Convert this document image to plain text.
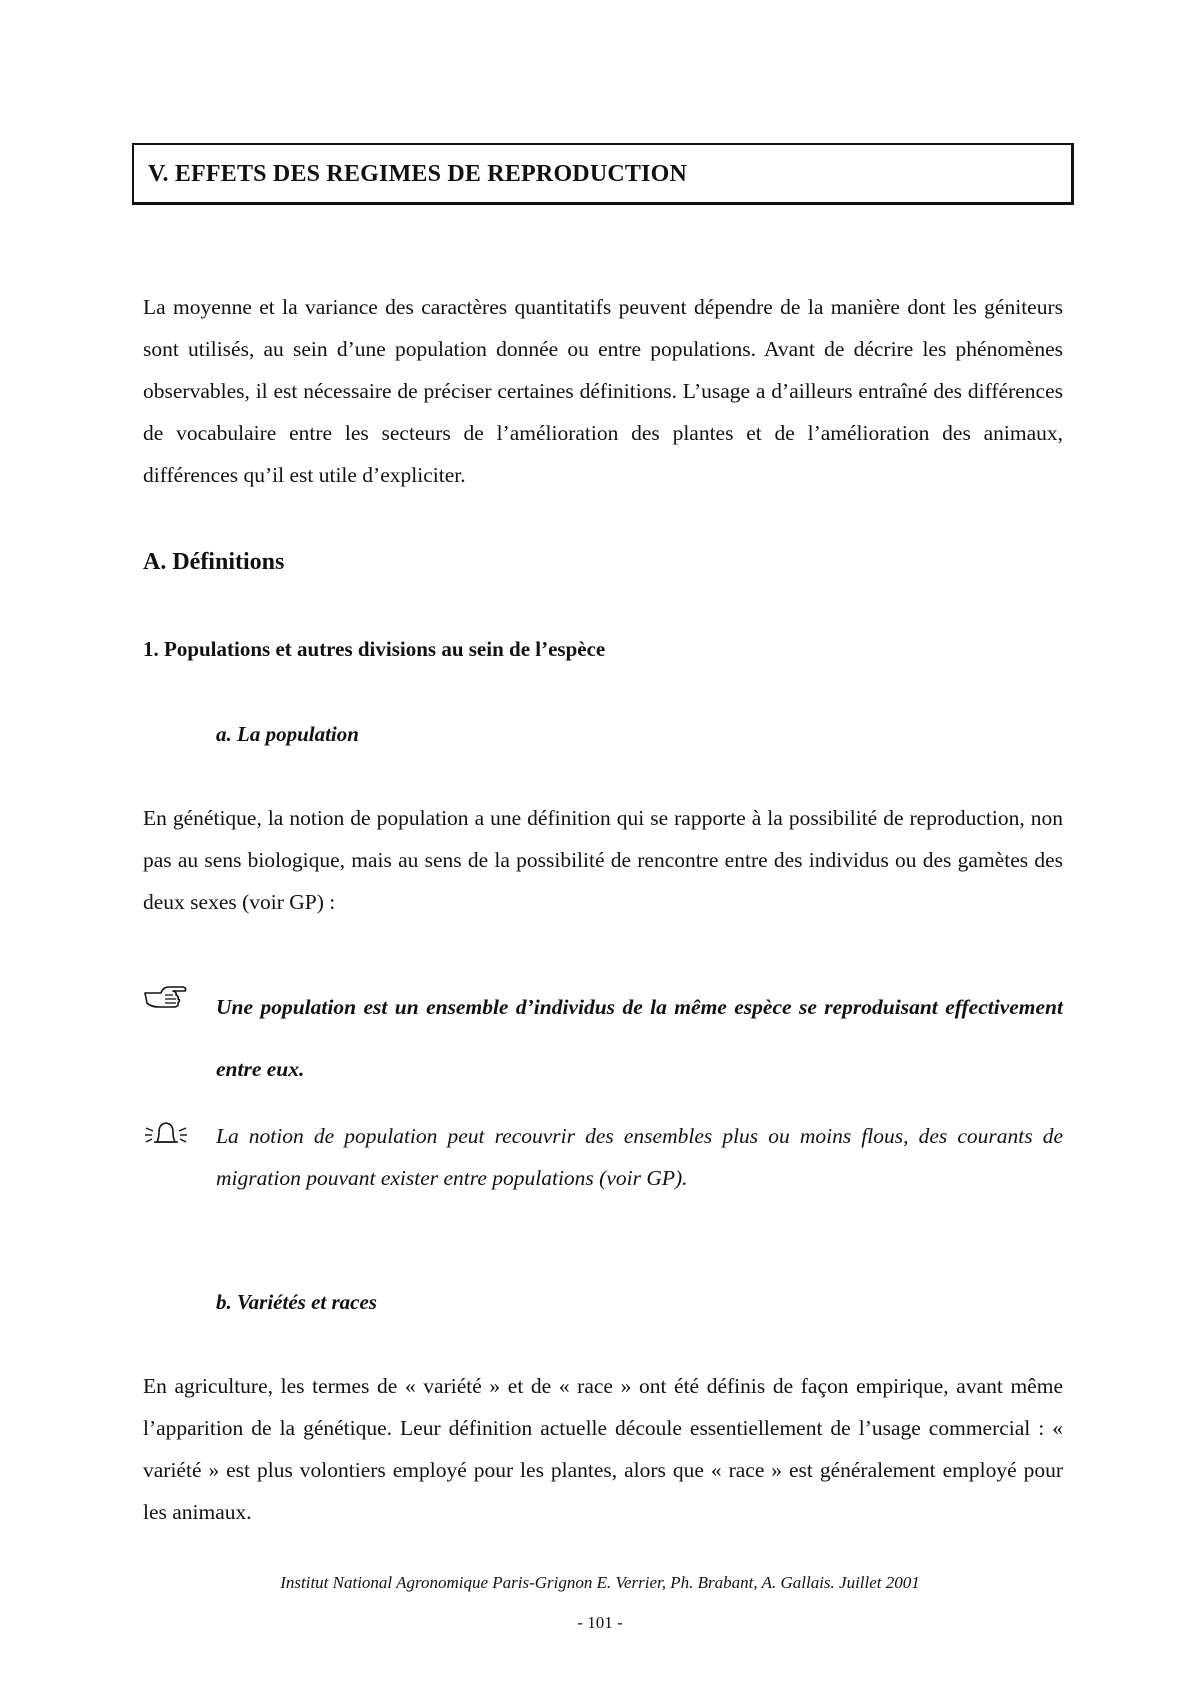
V. EFFETS DES REGIMES DE REPRODUCTION
La moyenne et la variance des caractères quantitatifs peuvent dépendre de la manière dont les géniteurs sont utilisés, au sein d’une population donnée ou entre populations. Avant de décrire les phénomènes observables, il est nécessaire de préciser certaines définitions. L’usage a d’ailleurs entraîné des différences de vocabulaire entre les secteurs de l’amélioration des plantes et de l’amélioration des animaux, différences qu’il est utile d’expliciter.
A. Définitions
1. Populations et autres divisions au sein de l’espèce
a. La population
En génétique, la notion de population a une définition qui se rapporte à la possibilité de reproduction, non pas au sens biologique, mais au sens de la possibilité de rencontre entre des individus ou des gamètes des deux sexes (voir GP) :
Une population est un ensemble d’individus de la même espèce se reproduisant effectivement entre eux.
La notion de population peut recouvrir des ensembles plus ou moins flous, des courants de migration pouvant exister entre populations (voir GP).
b. Variétés et races
En agriculture, les termes de « variété » et de « race » ont été définis de façon empirique, avant même l’apparition de la génétique. Leur définition actuelle découle essentiellement de l’usage commercial : « variété » est plus volontiers employé pour les plantes, alors que « race » est généralement employé pour les animaux.
Institut National Agronomique Paris-Grignon E. Verrier, Ph. Brabant, A. Gallais. Juillet 2001
- 101 -
